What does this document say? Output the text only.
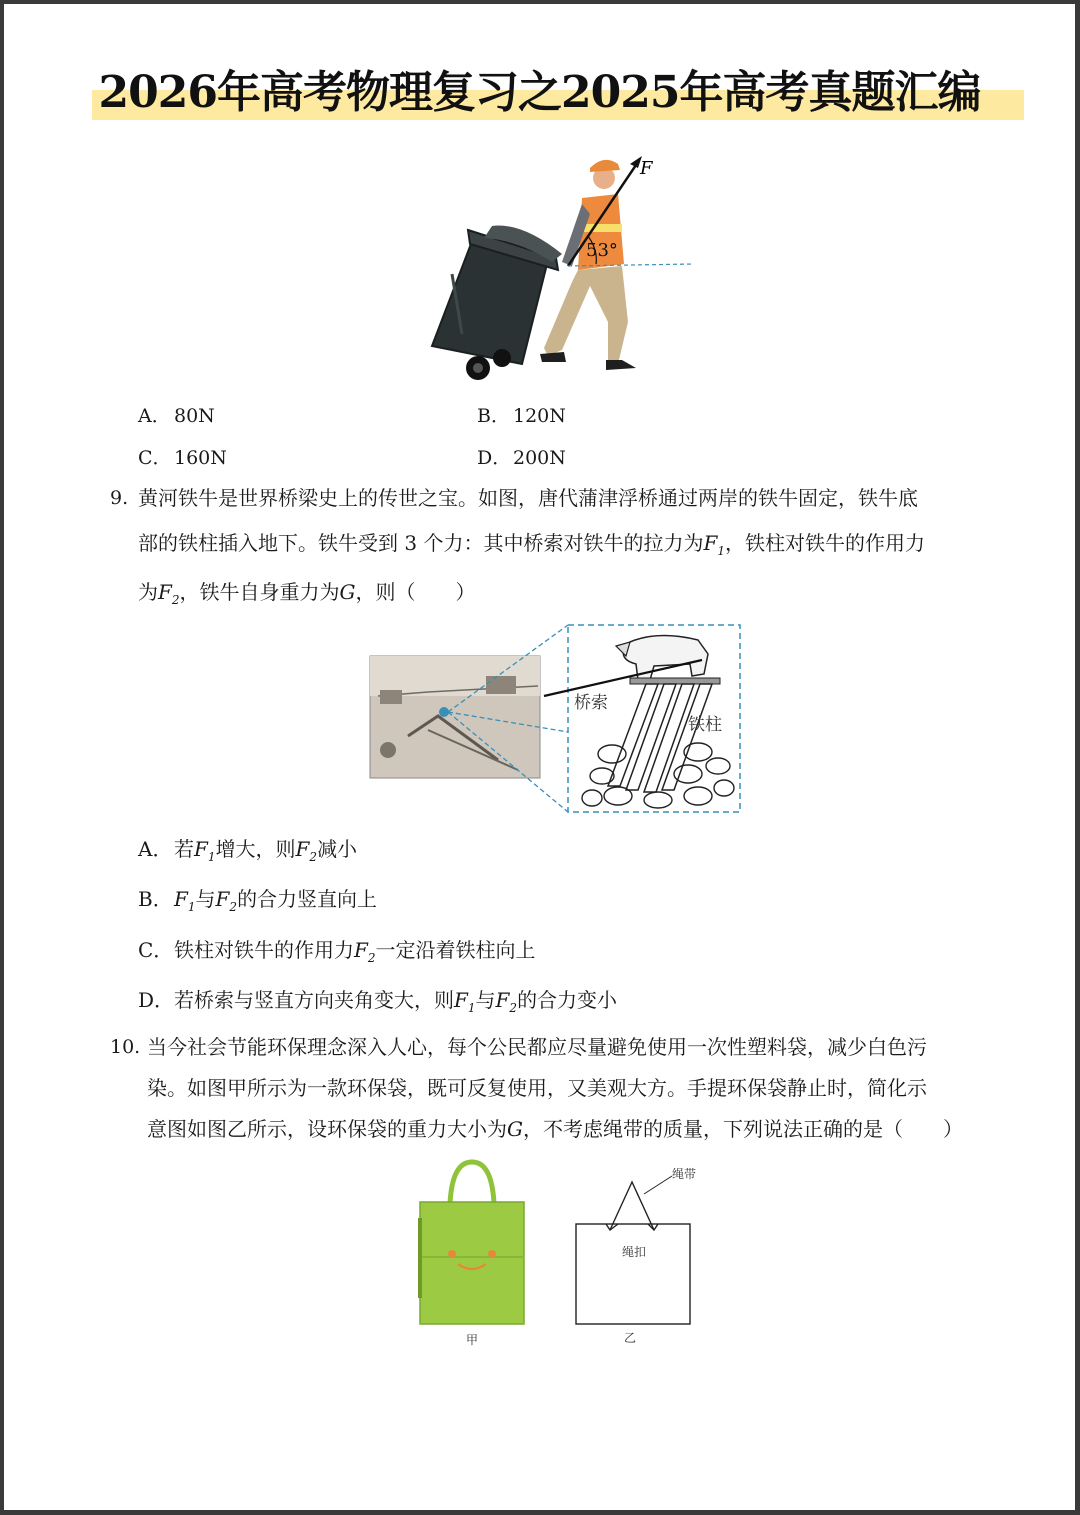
2026年高考物理复习之2025年高考真题汇编
F
53°
A． 80N	B． 120N
C． 160N	D．200N
9. 黄河铁牛是世界桥梁史上的传世之宝。如图，唐代蒲津浮桥通过两岸的铁牛固定，铁牛底
部的铁柱插入地下。铁牛受到 3 个力：其中桥索对铁牛的拉力为$F_1$，铁柱对铁牛的作用力
为$F_2$，铁牛自身重力为G，则（　　）
桥索
铁柱
A．若$F_1$增大，则$F_2$减小
B．$F_1$与$F_2$的合力竖直向上
C．铁柱对铁牛的作用力$F_2$一定沿着铁柱向上
D．若桥索与竖直方向夹角变大，则$F_1$与$F_2$的合力变小
10. 当今社会节能环保理念深入人心，每个公民都应尽量避免使用一次性塑料袋，减少白色污
染。如图甲所示为一款环保袋，既可反复使用，又美观大方。手提环保袋静止时，简化示
意图如图乙所示，设环保袋的重力大小为G，不考虑绳带的质量，下列说法正确的是（　　）
甲
绳带
绳扣
乙
